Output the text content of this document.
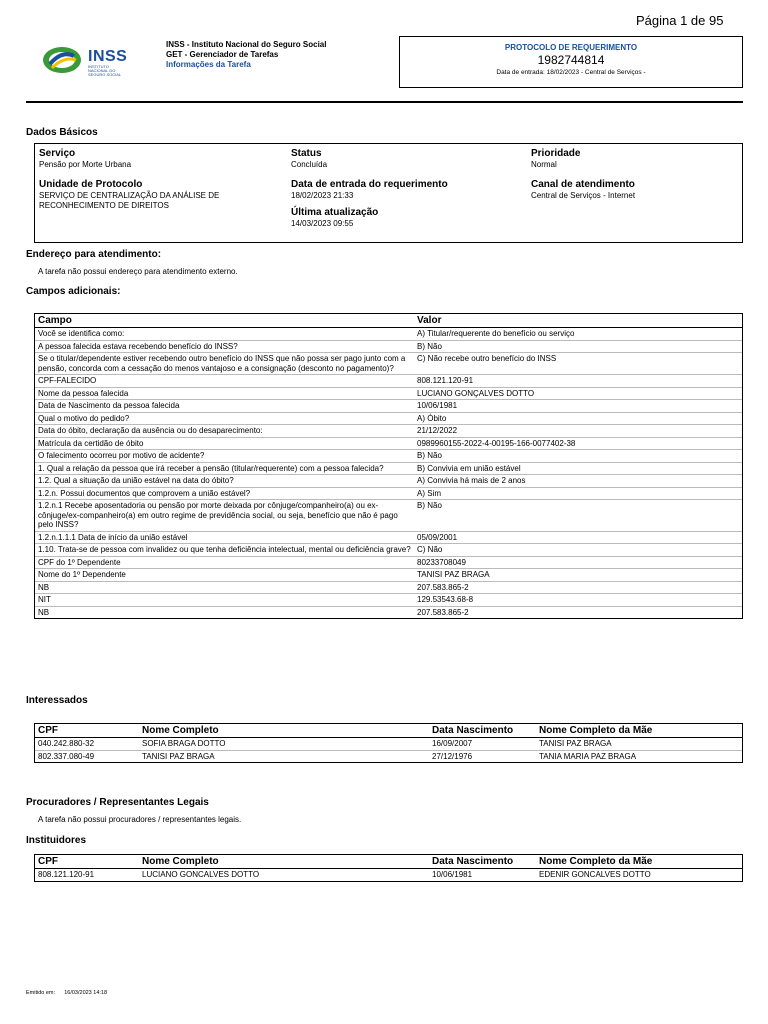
Página 1 de 95
INSS
INSTITUTO NACIONAL DO SEGURO SOCIAL
INSS - Instituto Nacional do Seguro Social
GET - Gerenciador de Tarefas
Informações da Tarefa
PROTOCOLO DE REQUERIMENTO
1982744814
Data de entrada: 18/02/2023 - Central de Serviços -
Dados Básicos
Serviço
Pensão por Morte Urbana
Status
Concluída
Prioridade
Normal
Unidade de Protocolo
SERVIÇO DE CENTRALIZAÇÃO DA ANÁLISE DE RECONHECIMENTO DE DIREITOS
Data de entrada do requerimento
18/02/2023 21:33
Canal de atendimento
Central de Serviços - Internet
Última atualização
14/03/2023 09:55
Endereço para atendimento:
A tarefa não possui endereço para atendimento externo.
Campos adicionais:
Campo	Valor
Você se identifica como:	A) Titular/requerente do benefício ou serviço
A pessoa falecida estava recebendo benefício do INSS?	B) Não
Se o titular/dependente estiver recebendo outro benefício do INSS que não possa ser pago junto com a pensão, concorda com a cessação do menos vantajoso e a consignação (desconto no pagamento)?	C) Não recebe outro benefício do INSS
CPF-FALECIDO	808.121.120-91
Nome da pessoa falecida	LUCIANO GONÇALVES DOTTO
Data de Nascimento da pessoa falecida	10/06/1981
Qual o motivo do pedido?	A) Óbito
Data do óbito, declaração da ausência ou do desaparecimento:	21/12/2022
Matrícula da certidão de óbito	0989960155-2022-4-00195-166-0077402-38
O falecimento ocorreu por motivo de acidente?	B) Não
1. Qual a relação da pessoa que irá receber a pensão (titular/requerente) com a pessoa falecida?	B) Convivia em união estável
1.2. Qual a situação da união estável na data do óbito?	A) Convivia há mais de 2 anos
1.2.n. Possui documentos que comprovem a união estável?	A) Sim
1.2.n.1 Recebe aposentadoria ou pensão por morte deixada por cônjuge/companheiro(a) ou ex-cônjuge/ex-companheiro(a) em outro regime de previdência social, ou seja, benefício que não é pago pelo INSS?	B) Não
1.2.n.1.1.1 Data de início da união estável	05/09/2001
1.10. Trata-se de pessoa com invalidez ou que tenha deficiência intelectual, mental ou deficiência grave?	C) Não
CPF do 1º Dependente	80233708049
Nome do 1º Dependente	TANISI PAZ BRAGA
NB	207.583.865-2
NIT	129.53543.68-8
NB	207.583.865-2
Interessados
CPF	Nome Completo	Data Nascimento	Nome Completo da Mãe
040.242.880-32	SOFIA BRAGA DOTTO	16/09/2007	TANISI PAZ BRAGA
802.337.080-49	TANISI PAZ BRAGA	27/12/1976	TANIA MARIA PAZ BRAGA
Procuradores / Representantes Legais
A tarefa não possui procuradores / representantes legais.
Instituidores
CPF	Nome Completo	Data Nascimento	Nome Completo da Mãe
808.121.120-91	LUCIANO GONCALVES DOTTO	10/06/1981	EDENIR GONCALVES DOTTO
Emitido em: 16/03/2023 14:18
